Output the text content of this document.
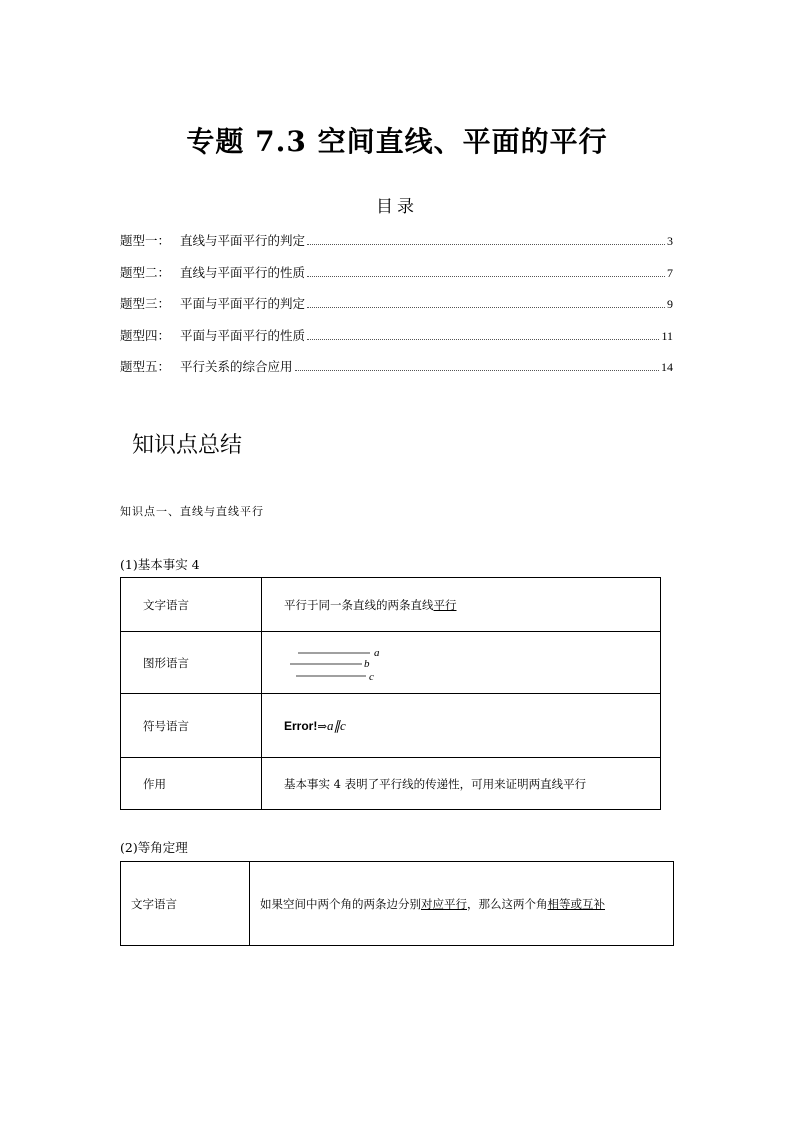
专题 7.3 空间直线、平面的平行
目录
题型一： 直线与平面平行的判定	3
题型二： 直线与平面平行的性质	7
题型三： 平面与平面平行的判定	9
题型四： 平面与平面平行的性质	11
题型五： 平行关系的综合应用	14
知识点总结
知识点一、直线与直线平行
(1)基本事实 4
文字语言	平行于同一条直线的两条直线平行
图形语言	a
b
c

符号语言	Error!⇒a∥c
作用	基本事实 4 表明了平行线的传递性，可用来证明两直线平行
(2)等角定理
文字语言	如果空间中两个角的两条边分别对应平行，那么这两个角相等或互补
